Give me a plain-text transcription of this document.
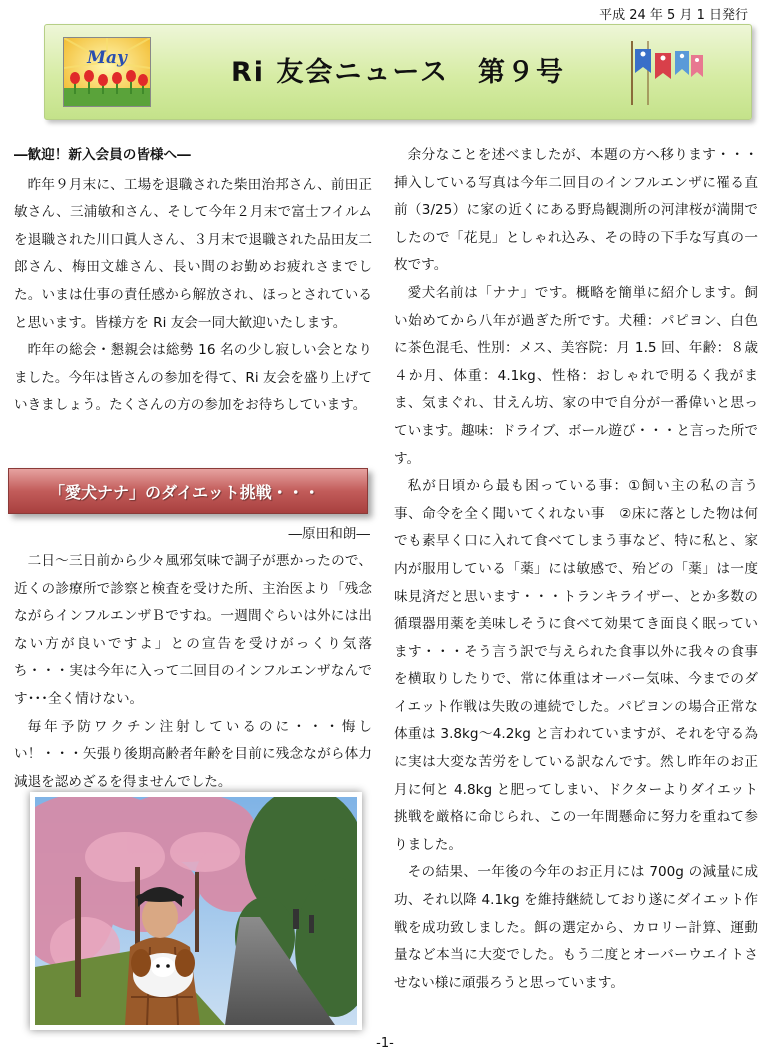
平成 24 年 5 月 1 日発行
May	Ri 友会ニュース　第９号
―歓迎！新入会員の皆様へ―

昨年９月末に、工場を退職された柴田治邦さん、前田正敏さん、三浦敏和さん、そして今年２月末で富士フイルムを退職された川口眞人さん、３月末で退職された品田友二郎さん、梅田文雄さん、長い間のお勤めお疲れさまでした。いまは仕事の責任感から解放され、ほっとされていると思います。皆様方を Ri 友会一同大歓迎いたします。

昨年の総会・懇親会は総勢 16 名の少し寂しい会となりました。今年は皆さんの参加を得て、Ri 友会を盛り上げていきましょう。たくさんの方の参加をお待ちしています。

「愛犬ナナ」のダイエット挑戦・・・
―原田和朗―

二日～三日前から少々風邪気味で調子が悪かったので、近くの診療所で診察と検査を受けた所、主治医より「残念ながらインフルエンザＢですね。一週間ぐらいは外には出ない方が良いですよ」との宣告を受けがっくり気落ち・・・実は今年に入って二回目のインフルエンザなんです･･･全く情けない。

毎年予防ワクチン注射しているのに・・・悔しい！・・・矢張り後期高齢者年齢を目前に残念ながら体力減退を認めざるを得ませんでした。

余分なことを述べましたが、本題の方へ移ります・・・挿入している写真は今年二回目のインフルエンザに罹る直前（3/25）に家の近くにある野鳥観測所の河津桜が満開でしたので「花見」としゃれ込み、その時の下手な写真の一枚です。

愛犬名前は「ナナ」です。概略を簡単に紹介します。飼い始めてから八年が過ぎた所です。犬種：パピヨン、白色に茶色混毛、性別：メス、美容院：月 1.5 回、年齢：８歳４か月、体重：4.1kg、性格：おしゃれで明るく我がまま、気まぐれ、甘えん坊、家の中で自分が一番偉いと思っています。趣味：ドライブ、ボール遊び・・・と言った所です。

私が日頃から最も困っている事：①飼い主の私の言う事、命令を全く聞いてくれない事　②床に落とした物は何でも素早く口に入れて食べてしまう事など、特に私と、家内が服用している「薬」には敏感で、殆どの「薬」は一度味見済だと思います・・・トランキライザー、とか多数の循環器用薬を美味しそうに食べて効果てき面良く眠っています・・・そう言う訳で与えられた食事以外に我々の食事を横取りしたりで、常に体重はオーバー気味、今までのダイエット作戦は失敗の連続でした。パピヨンの場合正常な体重は 3.8kg～4.2kg と言われていますが、それを守る為に実は大変な苦労をしている訳なんです。然し昨年のお正月に何と 4.8kg と肥ってしまい、ドクターよりダイエット挑戦を厳格に命じられ、この一年間懸命に努力を重ねて参りました。

その結果、一年後の今年のお正月には 700g の減量に成功、それ以降 4.1kg を維持継続しており遂にダイエット作戦を成功致しました。餌の選定から、カロリー計算、運動量など本当に大変でした。もう二度とオーバーウエイトさせない様に頑張ろうと思っています。

-1-
